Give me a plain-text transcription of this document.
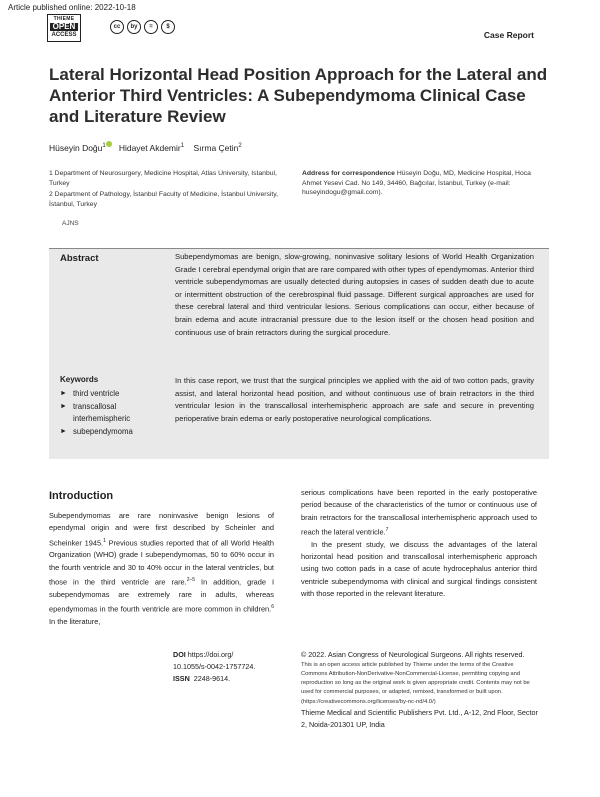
Article published online: 2022-10-18
THIEME
OPEN
ACCESS
cc	by	=	$
Case Report
Lateral Horizontal Head Position Approach for the Lateral and Anterior Third Ventricles: A Subependymoma Clinical Case and Literature Review
Hüseyin Doğu$^1$ Hidayet Akdemir$^1$ Sırma Çetin$^2$

1 Department of Neurosurgery, Medicine Hospital, Atlas University, Istanbul, Turkey

2 Department of Pathology, İstanbul Faculty of Medicine, İstanbul University, İstanbul, Turkey

Address for correspondence Hüseyin Doğu, MD, Medicine Hospital, Hoca Ahmet Yesevi Cad. No 149, 34460, Bağcılar, İstanbul, Turkey (e-mail: huseyindogu@gmail.com).
AJNS
Abstract	Subependymomas are benign, slow-growing, noninvasive solitary lesions of World Health Organization Grade I cerebral ependymal origin that are rare compared with other types of ependymomas. Anterior third ventricle subependymomas are usually detected during autopsies in cases of sudden death due to acute or intermittent obstruction of the cerebrospinal fluid passage. Different surgical approaches are used for these cerebral lateral and third ventricular lesions. Serious complications can occur, either because of brain edema and acute intracranial pressure due to the lesion itself or the chosen head position and continuous use of brain retractors during the surgical procedure.
In this case report, we trust that the surgical principles we applied with the aid of two cotton pads, gravity assist, and lateral horizontal head position, and without continuous use of brain retractors in the third ventricular lesion in the transcallosal interhemispheric approach are safe and secure in preventing perioperative brain edema or early postoperative neurological complications.
Keywords
► third ventricle
► transcallosal
interhemispheric
► subependymoma
Introduction

Subependymomas are rare noninvasive benign lesions of ependymal origin and were first described by Scheinler and Scheinker 1945.$^1$ Previous studies reported that of all World Health Organization (WHO) grade I subependymomas, 50 to 60% occur in the fourth ventricle and 30 to 40% occur in the lateral ventricles, but those in the third ventricle are rare.$^{2-5}$ In addition, grade I subependymomas are extremely rare in adults, whereas ependymomas in the fourth ventricle are more common in children.$^6$ In the literature,

serious complications have been reported in the early postoperative period because of the characteristics of the tumor or continuous use of brain retractors for the transcallosal interhemispheric approach used to reach the lateral ventricle.$^7$

In the present study, we discuss the advantages of the lateral horizontal head position and transcallosal interhemispheric approach using two cotton pads in a case of acute hydrocephalus anterior third ventricle subependymoma with clinical and surgical findings consistent with those reported in the relevant literature.

DOI https://doi.org/
10.1055/s-0042-1757724.
ISSN 2248-9614.

© 2022. Asian Congress of Neurological Surgeons. All rights reserved.

This is an open access article published by Thieme under the terms of the Creative Commons Attribution-NonDerivative-NonCommercial-License, permitting copying and reproduction so long as the original work is given appropriate credit. Contents may not be used for commercial purposes, or adapted, remixed, transformed or built upon. (https://creativecommons.org/licenses/by-nc-nd/4.0/)

Thieme Medical and Scientific Publishers Pvt. Ltd., A-12, 2nd Floor, Sector 2, Noida-201301 UP, India
